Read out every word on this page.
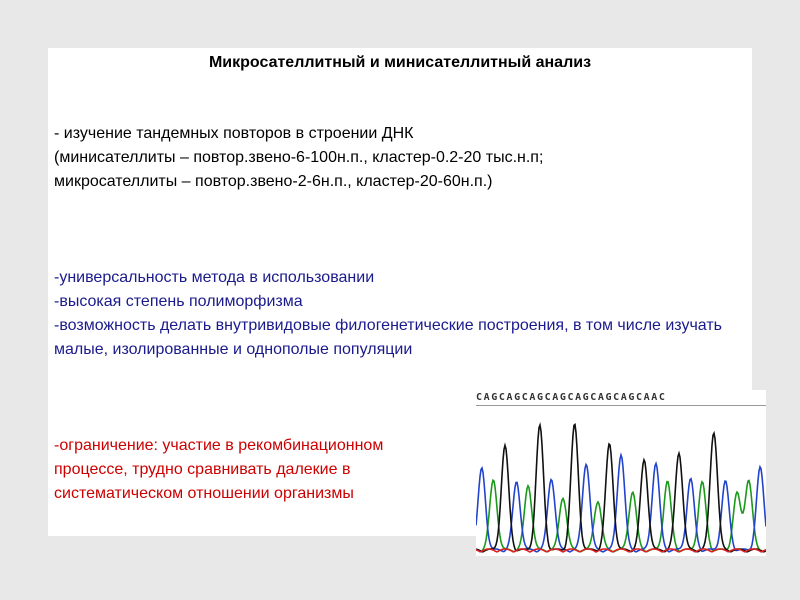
Микросателлитный и минисателлитный анализ
- изучение тандемных повторов в строении ДНК
(минисателлиты – повтор.звено-6-100н.п., кластер-0.2-20 тыс.н.п;
микросателлиты – повтор.звено-2-6н.п., кластер-20-60н.п.)
-универсальность метода в использовании
-высокая степень полиморфизма
-возможность делать внутривидовые филогенетические построения, в том числе изучать малые, изолированные и однополые популяции
-ограничение: участие в рекомбинационном
процессе, трудно сравнивать далекие в
систематическом отношении организмы
CAGCAGCAGCAGCAGCAGCAGCAAC
